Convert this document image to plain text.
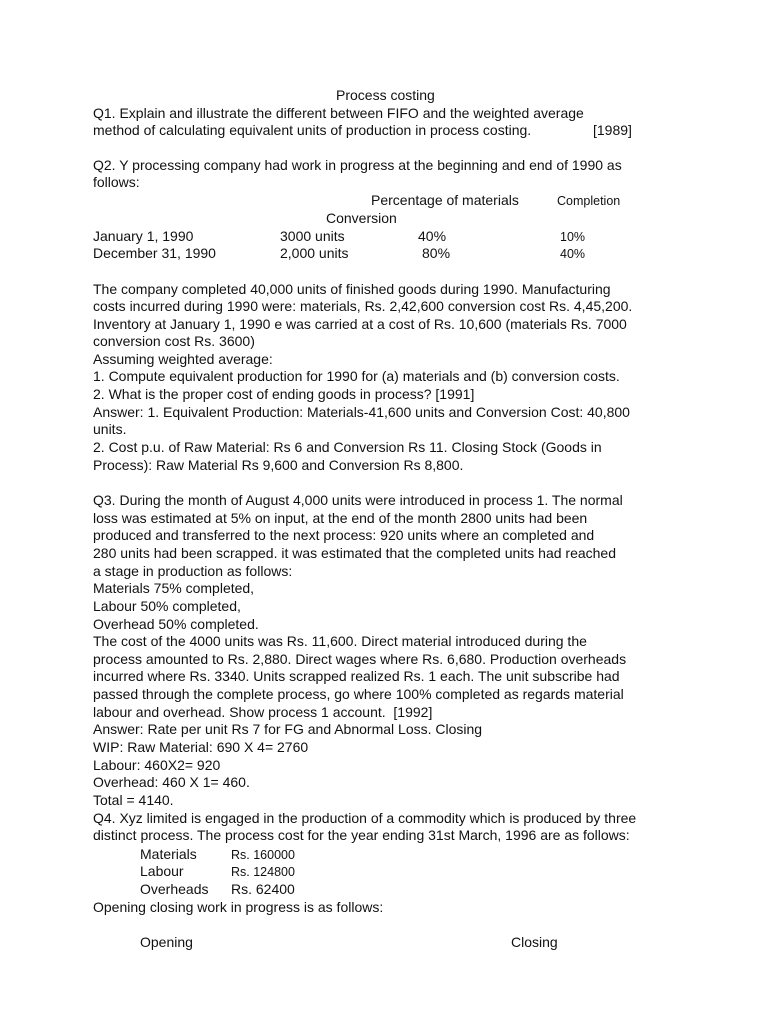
Process costing
Q1. Explain and illustrate the different between FIFO and the weighted average
method of calculating equivalent units of production in process costing.	[1989]
Q2. Y processing company had work in progress at the beginning and end of 1990 as
follows:
Percentage of materials	Completion
Conversion
January 1, 1990	3000 units	40%	10%
December 31, 1990	2,000 units	80%	40%
The company completed 40,000 units of finished goods during 1990. Manufacturing
costs incurred during 1990 were: materials, Rs. 2,42,600 conversion cost Rs. 4,45,200.
Inventory at January 1, 1990 e was carried at a cost of Rs. 10,600 (materials Rs. 7000
conversion cost Rs. 3600)
Assuming weighted average:
1. Compute equivalent production for 1990 for (a) materials and (b) conversion costs.
2. What is the proper cost of ending goods in process? [1991]
Answer: 1. Equivalent Production: Materials-41,600 units and Conversion Cost: 40,800
units.
2. Cost p.u. of Raw Material: Rs 6 and Conversion Rs 11. Closing Stock (Goods in
Process): Raw Material Rs 9,600 and Conversion Rs 8,800.
Q3. During the month of August 4,000 units were introduced in process 1. The normal
loss was estimated at 5% on input, at the end of the month 2800 units had been
produced and transferred to the next process: 920 units where an completed and
280 units had been scrapped. it was estimated that the completed units had reached
a stage in production as follows:
Materials 75% completed,
Labour 50% completed,
Overhead 50% completed.
The cost of the 4000 units was Rs. 11,600. Direct material introduced during the
process amounted to Rs. 2,880. Direct wages where Rs. 6,680. Production overheads
incurred where Rs. 3340. Units scrapped realized Rs. 1 each. The unit subscribe had
passed through the complete process, go where 100% completed as regards material
labour and overhead. Show process 1 account.  [1992]
Answer: Rate per unit Rs 7 for FG and Abnormal Loss. Closing
WIP: Raw Material: 690 X 4= 2760
Labour: 460X2= 920
Overhead: 460 X 1= 460.
Total = 4140.
Q4. Xyz limited is engaged in the production of a commodity which is produced by three
distinct process. The process cost for the year ending 31st March, 1996 are as follows:
Materials	Rs. 160000
Labour	Rs. 124800
Overheads Rs. 62400
Opening closing work in progress is as follows:
Opening	Closing
